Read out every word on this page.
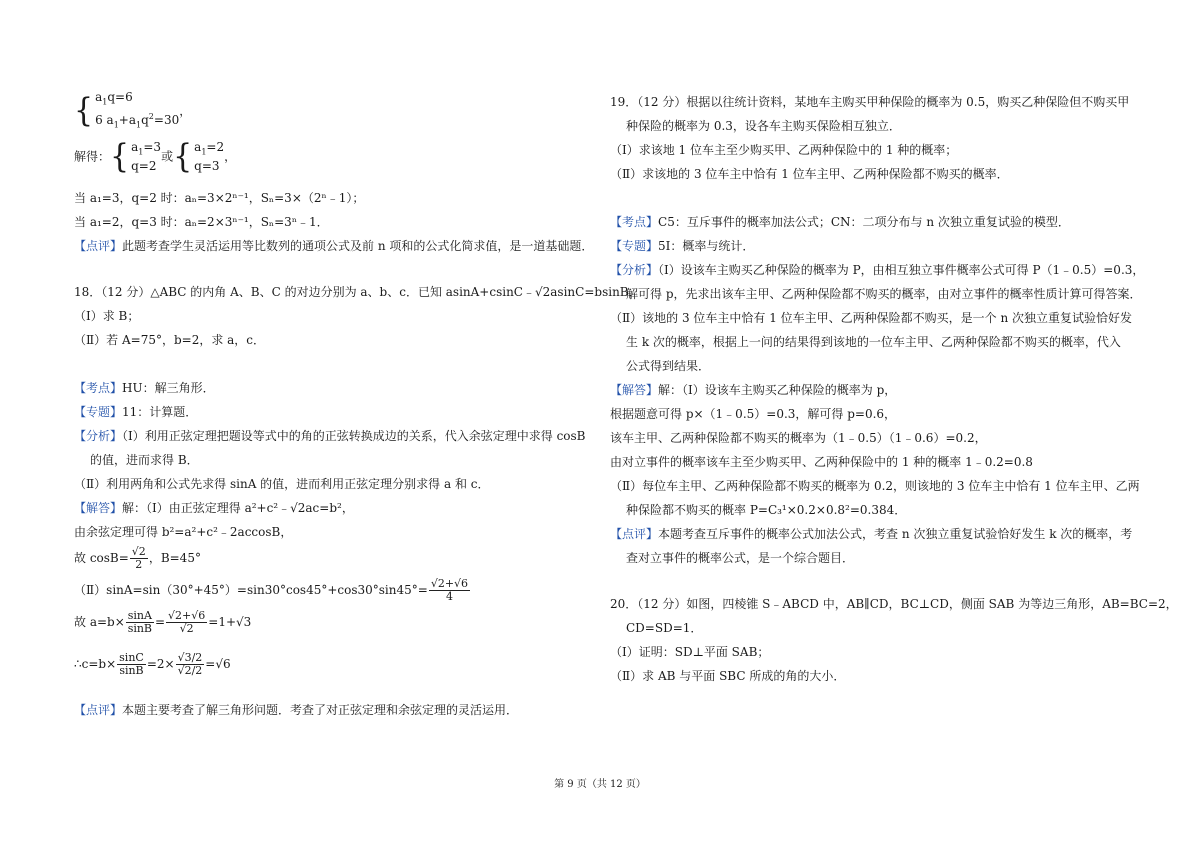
{ $a_1q=6$
6 $a_1+a_1q^2=30$
，
解得：{ $a_1=3$
q=2
或{ $a_1=2$
q=3
，
当 a₁=3，q=2 时：aₙ=3×2ⁿ⁻¹，Sₙ=3×（2ⁿ﹣1）；
当 a₁=2，q=3 时：aₙ=2×3ⁿ⁻¹，Sₙ=3ⁿ﹣1．
【点评】此题考查学生灵活运用等比数列的通项公式及前 n 项和的公式化简求值，是一道基础题．
18．（12 分）△ABC 的内角 A、B、C 的对边分别为 a、b、c．已知 asinA+csinC﹣√2asinC=bsinB，
（Ⅰ）求 B；
（Ⅱ）若 A=75°，b=2，求 a，c．
【考点】HU：解三角形．
【专题】11：计算题．
【分析】（Ⅰ）利用正弦定理把题设等式中的角的正弦转换成边的关系，代入余弦定理中求得 cosB
的值，进而求得 B．
（Ⅱ）利用两角和公式先求得 sinA 的值，进而利用正弦定理分别求得 a 和 c．
【解答】解：（Ⅰ）由正弦定理得 a²+c²﹣√2ac=b²，
由余弦定理可得 b²=a²+c²﹣2accosB，
故 $\cos B= \frac{√2}{2}$ ，B=45°
（Ⅱ）sinA=sin（30°+45°）=sin30°cos45°+cos30°sin45°= $\frac{√2+√6}{4}$
故 $a=b\times \frac{\sin A}{\sin B} = \frac{√2+√6}{√2} =1+√3$
∴c=b× $\frac{\sin C}{\sin B} =2\times \frac{√3/2}{√2/2} =√6$
【点评】本题主要考查了解三角形问题．考查了对正弦定理和余弦定理的灵活运用．
19．（12 分）根据以往统计资料，某地车主购买甲种保险的概率为 0.5，购买乙种保险但不购买甲
种保险的概率为 0.3，设各车主购买保险相互独立．
（Ⅰ）求该地 1 位车主至少购买甲、乙两种保险中的 1 种的概率；
（Ⅱ）求该地的 3 位车主中恰有 1 位车主甲、乙两种保险都不购买的概率．
【考点】C5：互斥事件的概率加法公式；CN：二项分布与 n 次独立重复试验的模型．
【专题】5I：概率与统计．
【分析】（Ⅰ）设该车主购买乙种保险的概率为 P，由相互独立事件概率公式可得 P（1﹣0.5）=0.3，
解可得 p，先求出该车主甲、乙两种保险都不购买的概率，由对立事件的概率性质计算可得答案．
（Ⅱ）该地的 3 位车主中恰有 1 位车主甲、乙两种保险都不购买，是一个 n 次独立重复试验恰好发
生 k 次的概率，根据上一问的结果得到该地的一位车主甲、乙两种保险都不购买的概率，代入
公式得到结果．
【解答】解：（Ⅰ）设该车主购买乙种保险的概率为 p，
根据题意可得 p×（1﹣0.5）=0.3，解可得 p=0.6，
该车主甲、乙两种保险都不购买的概率为（1﹣0.5）（1﹣0.6）=0.2，
由对立事件的概率该车主至少购买甲、乙两种保险中的 1 种的概率 1﹣0.2=0.8
（Ⅱ）每位车主甲、乙两种保险都不购买的概率为 0.2，则该地的 3 位车主中恰有 1 位车主甲、乙两
种保险都不购买的概率 P=C₃¹×0.2×0.8²=0.384．
【点评】本题考查互斥事件的概率公式加法公式，考查 n 次独立重复试验恰好发生 k 次的概率，考
查对立事件的概率公式，是一个综合题目．
20．（12 分）如图，四棱锥 S﹣ABCD 中，AB∥CD，BC⊥CD，侧面 SAB 为等边三角形，AB=BC=2，
CD=SD=1．
（Ⅰ）证明：SD⊥平面 SAB；
（Ⅱ）求 AB 与平面 SBC 所成的角的大小．
第 9 页（共 12 页）
